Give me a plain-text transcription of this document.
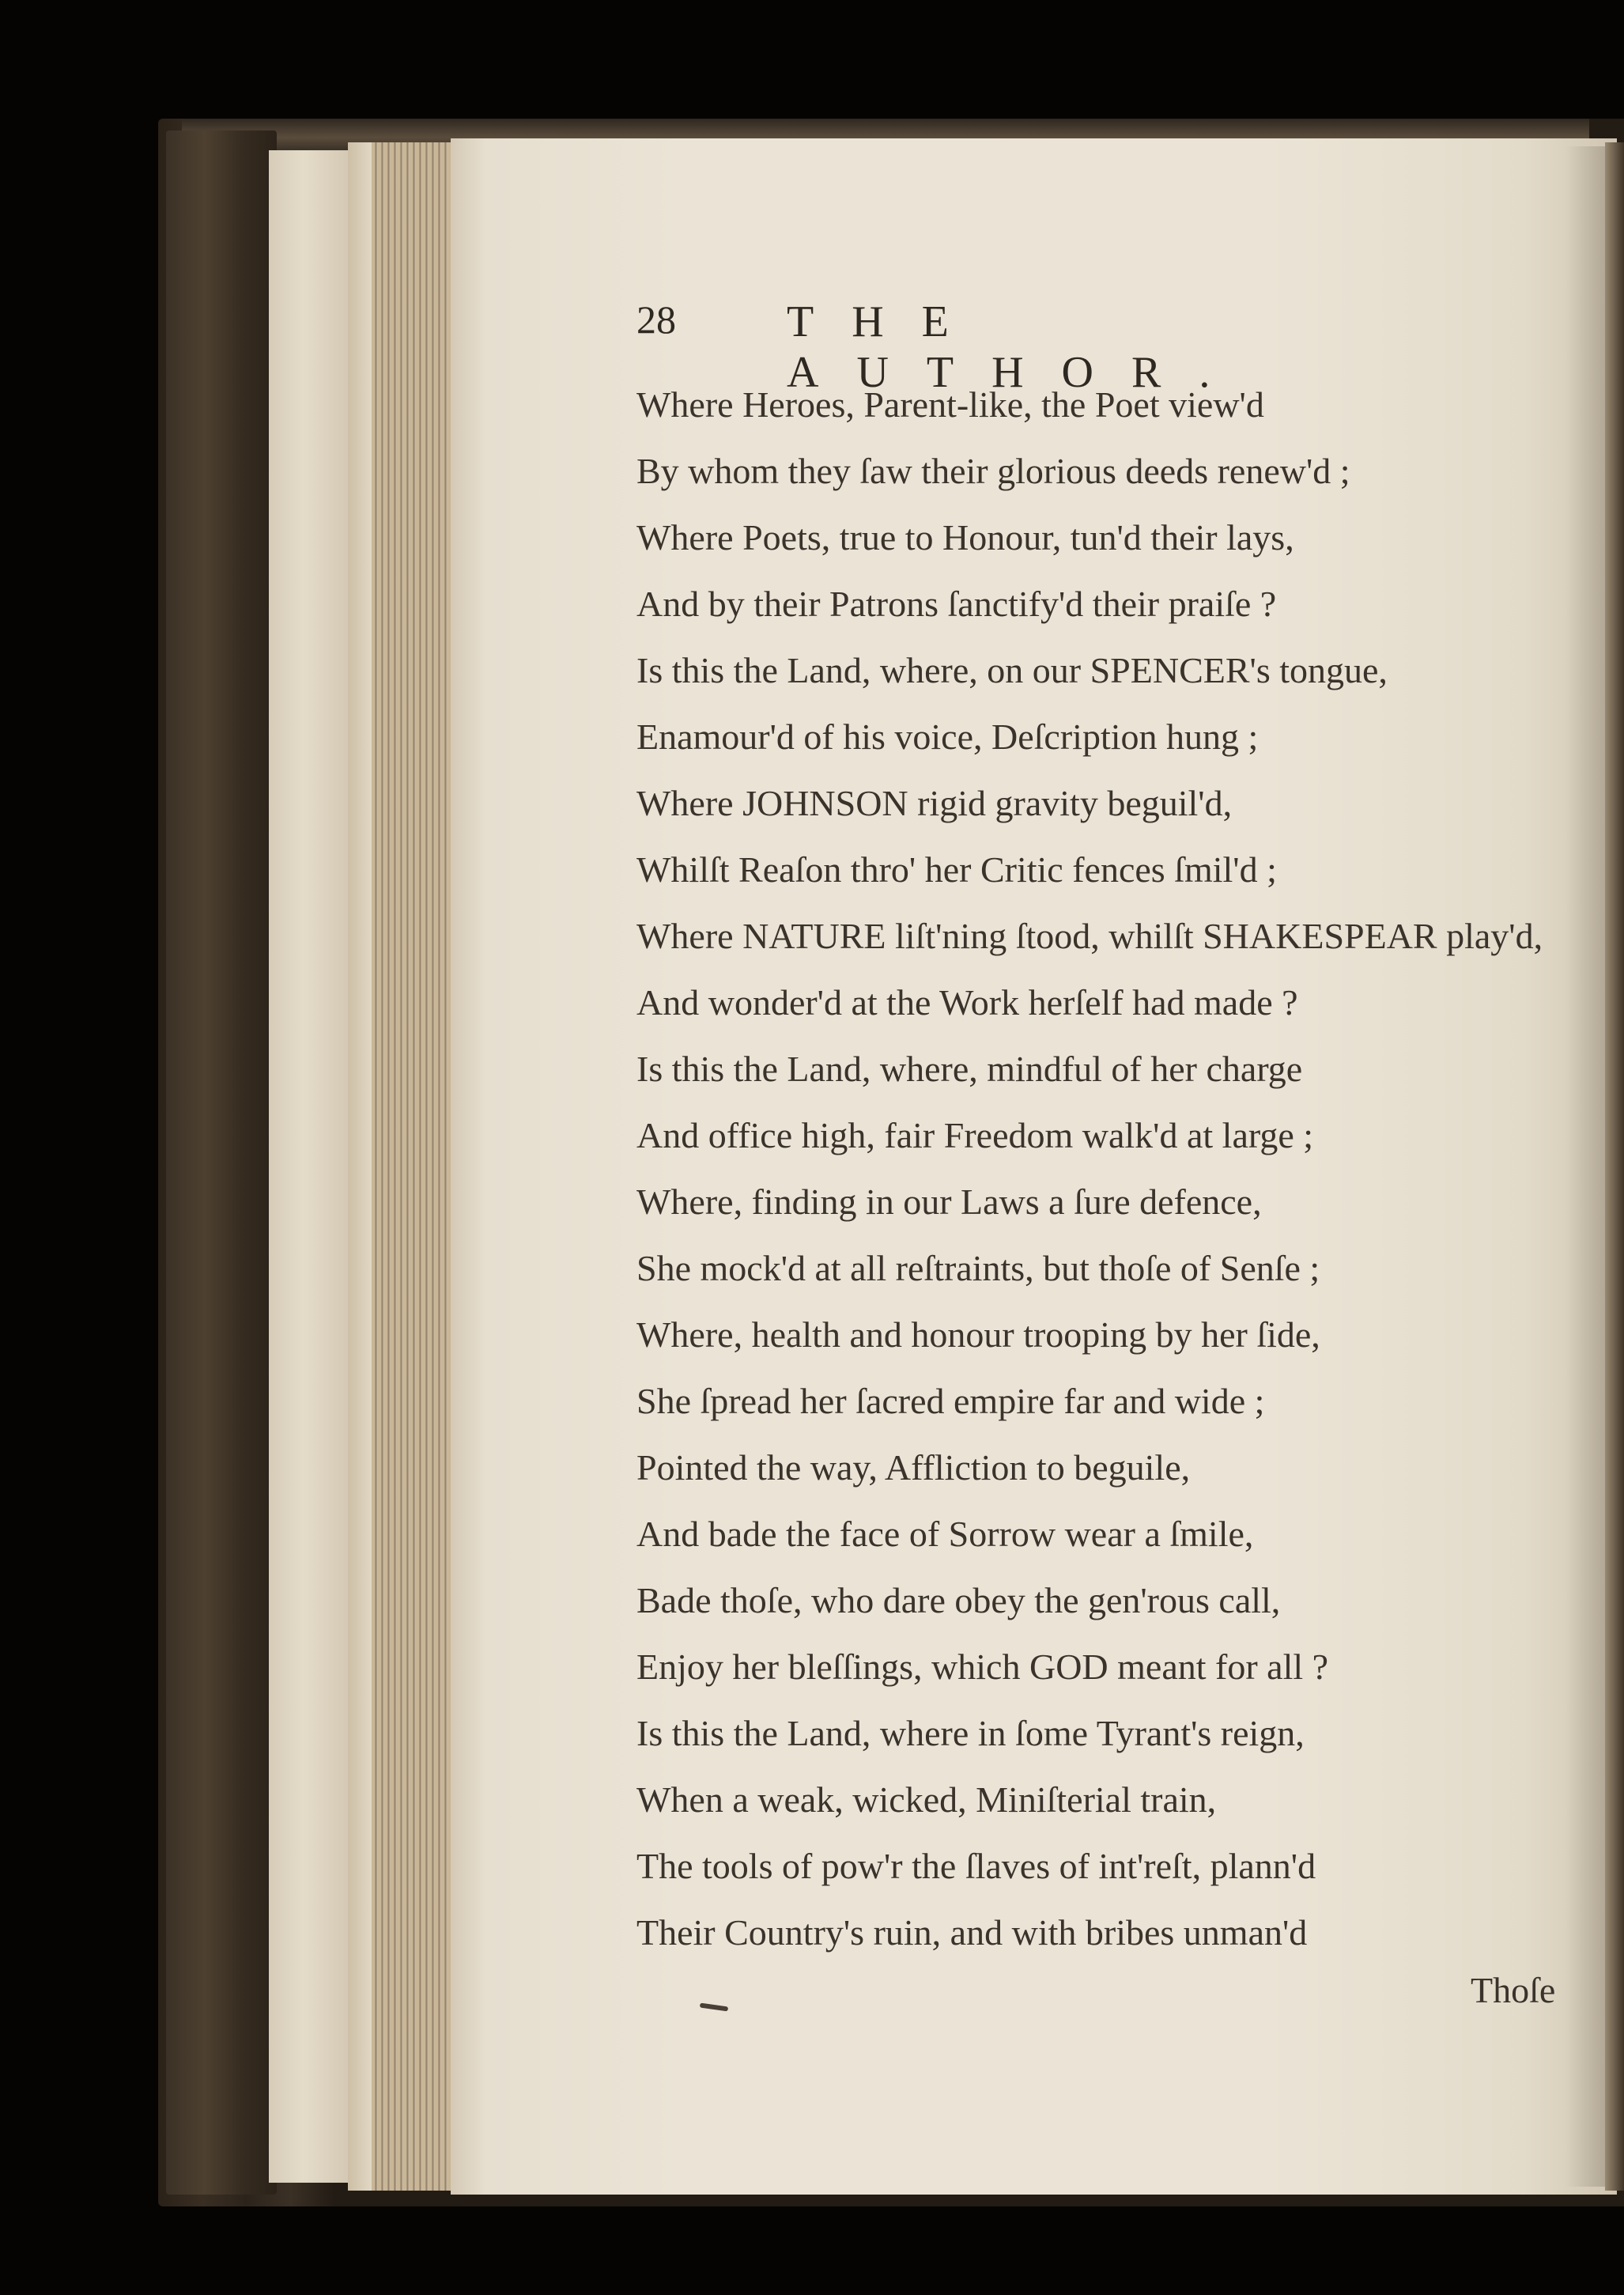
28	THE AUTHOR.
Where Heroes, Parent-like, the Poet view'd
By whom they ſaw their glorious deeds renew'd ;
Where Poets, true to Honour, tun'd their lays,
And by their Patrons ſanctify'd their praiſe ?
Is this the Land, where, on our SPENCER's tongue,
Enamour'd of his voice, Deſcription hung ;
Where JOHNSON rigid gravity beguil'd,
Whilſt Reaſon thro' her Critic fences ſmil'd ;
Where NATURE liſt'ning ſtood, whilſt SHAKESPEAR play'd,
And wonder'd at the Work herſelf had made ?
Is this the Land, where, mindful of her charge
And office high, fair Freedom walk'd at large ;
Where, finding in our Laws a ſure defence,
She mock'd at all reſtraints, but thoſe of Senſe ;
Where, health and honour trooping by her ſide,
She ſpread her ſacred empire far and wide ;
Pointed the way, Affliction to beguile,
And bade the face of Sorrow wear a ſmile,
Bade thoſe, who dare obey the gen'rous call,
Enjoy her bleſſings, which GOD meant for all ?
Is this the Land, where in ſome Tyrant's reign,
When a weak, wicked, Miniſterial train,
The tools of pow'r the ſlaves of int'reſt, plann'd
Their Country's ruin, and with bribes unman'd
Thoſe
